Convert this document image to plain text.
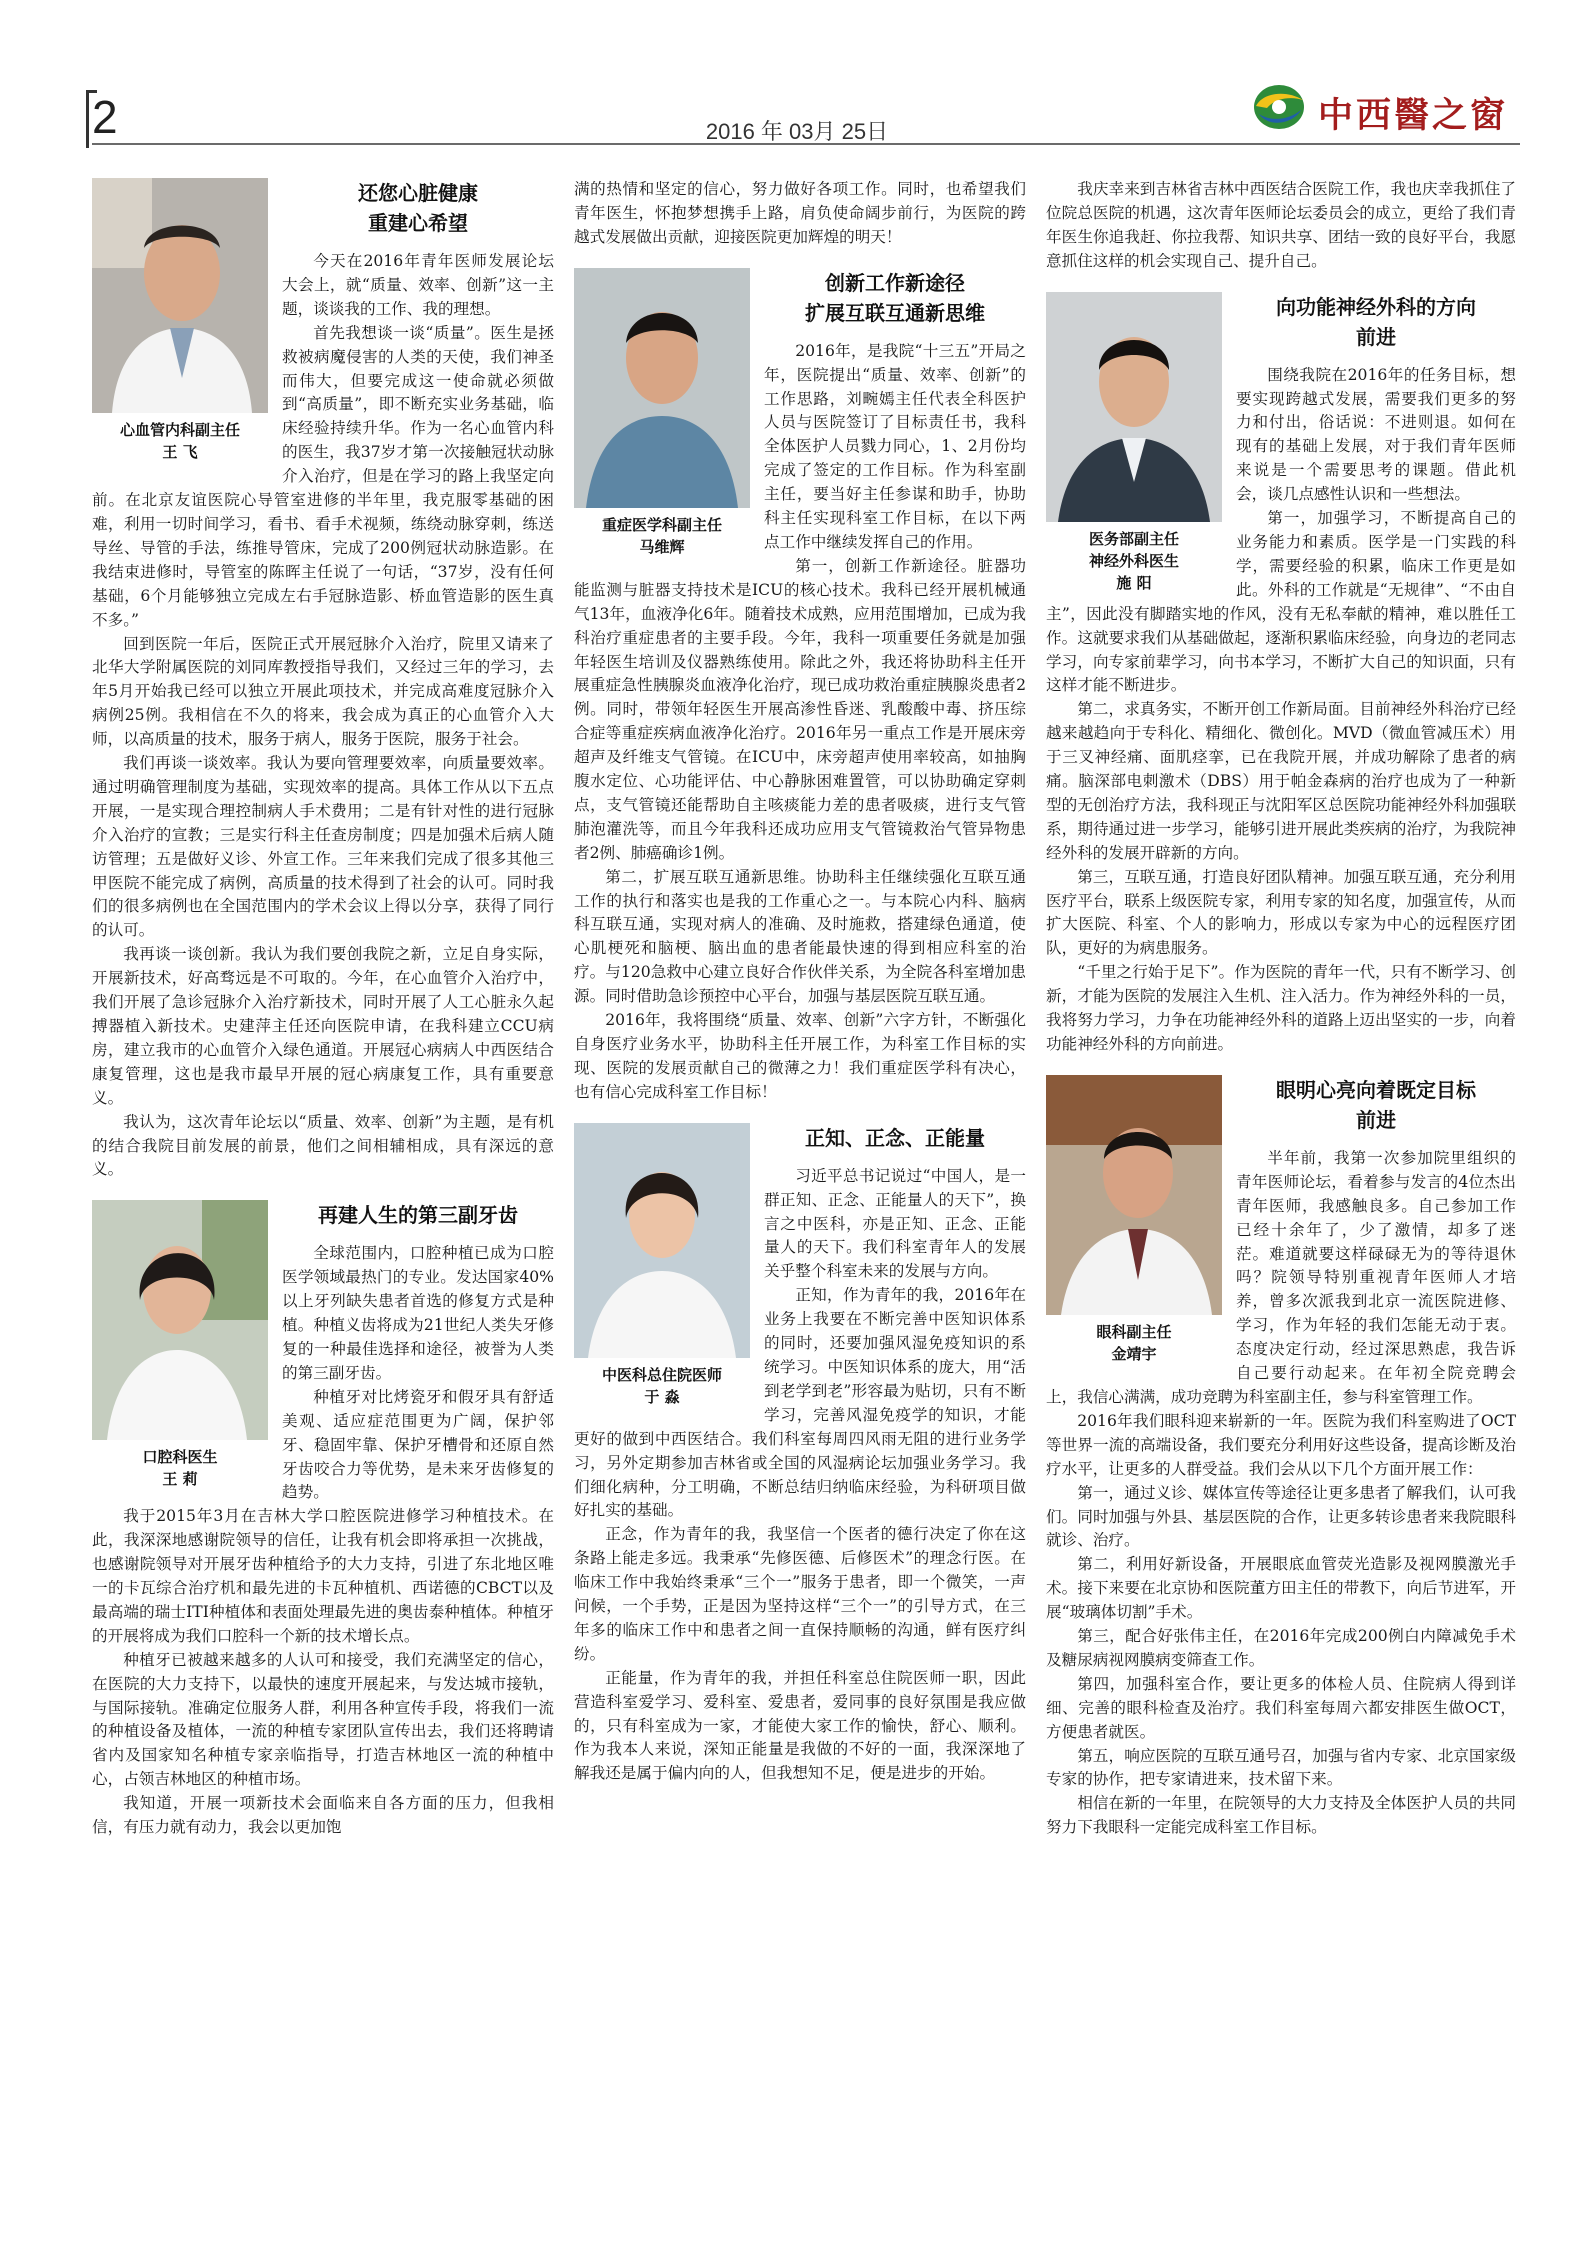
2	2016 年 03月 25日	中西醫之窗
心血管内科副主任
王 飞
还您心脏健康
重建心希望

今天在2016年青年医师发展论坛大会上，就“质量、效率、创新”这一主题，谈谈我的工作、我的理想。

首先我想谈一谈“质量”。医生是拯救被病魔侵害的人类的天使，我们神圣而伟大，但要完成这一使命就必须做到“高质量”，即不断充实业务基础，临床经验持续升华。作为一名心血管内科的医生，我37岁才第一次接触冠状动脉介入治疗，但是在学习的路上我坚定向前。在北京友谊医院心导管室进修的半年里，我克服零基础的困难，利用一切时间学习，看书、看手术视频，练绕动脉穿刺，练送导丝、导管的手法，练推导管床，完成了200例冠状动脉造影。在我结束进修时，导管室的陈晖主任说了一句话，“37岁，没有任何基础，6个月能够独立完成左右手冠脉造影、桥血管造影的医生真不多。”

回到医院一年后，医院正式开展冠脉介入治疗，院里又请来了北华大学附属医院的刘同库教授指导我们，又经过三年的学习，去年5月开始我已经可以独立开展此项技术，并完成高难度冠脉介入病例25例。我相信在不久的将来，我会成为真正的心血管介入大师，以高质量的技术，服务于病人，服务于医院，服务于社会。

我们再谈一谈效率。我认为要向管理要效率，向质量要效率。通过明确管理制度为基础，实现效率的提高。具体工作从以下五点开展，一是实现合理控制病人手术费用；二是有针对性的进行冠脉介入治疗的宣教；三是实行科主任查房制度；四是加强术后病人随访管理；五是做好义诊、外宣工作。三年来我们完成了很多其他三甲医院不能完成了病例，高质量的技术得到了社会的认可。同时我们的很多病例也在全国范围内的学术会议上得以分享，获得了同行的认可。

我再谈一谈创新。我认为我们要创我院之新，立足自身实际，开展新技术，好高骛远是不可取的。今年，在心血管介入治疗中，我们开展了急诊冠脉介入治疗新技术，同时开展了人工心脏永久起搏器植入新技术。史建萍主任还向医院申请，在我科建立CCU病房，建立我市的心血管介入绿色通道。开展冠心病病人中西医结合康复管理，这也是我市最早开展的冠心病康复工作，具有重要意义。

我认为，这次青年论坛以“质量、效率、创新”为主题，是有机的结合我院目前发展的前景，他们之间相辅相成，具有深远的意义。

口腔科医生
王 莉
再建人生的第三副牙齿

全球范围内，口腔种植已成为口腔医学领域最热门的专业。发达国家40%以上牙列缺失患者首选的修复方式是种植。种植义齿将成为21世纪人类失牙修复的一种最佳选择和途径，被誉为人类的第三副牙齿。

种植牙对比烤瓷牙和假牙具有舒适美观、适应症范围更为广阔，保护邻牙、稳固牢靠、保护牙槽骨和还原自然牙齿咬合力等优势，是未来牙齿修复的趋势。

我于2015年3月在吉林大学口腔医院进修学习种植技术。在此，我深深地感谢院领导的信任，让我有机会即将承担一次挑战，也感谢院领导对开展牙齿种植给予的大力支持，引进了东北地区唯一的卡瓦综合治疗机和最先进的卡瓦种植机、西诺德的CBCT以及最高端的瑞士ITI种植体和表面处理最先进的奥齿泰种植体。种植牙的开展将成为我们口腔科一个新的技术增长点。

种植牙已被越来越多的人认可和接受，我们充满坚定的信心，在医院的大力支持下，以最快的速度开展起来，与发达城市接轨，与国际接轨。准确定位服务人群，利用各种宣传手段，将我们一流的种植设备及植体，一流的种植专家团队宣传出去，我们还将聘请省内及国家知名种植专家亲临指导，打造吉林地区一流的种植中心，占领吉林地区的种植市场。

我知道，开展一项新技术会面临来自各方面的压力，但我相信，有压力就有动力，我会以更加饱

满的热情和坚定的信心，努力做好各项工作。同时，也希望我们青年医生，怀抱梦想携手上路，肩负使命阔步前行，为医院的跨越式发展做出贡献，迎接医院更加辉煌的明天！

重症医学科副主任
马维辉
创新工作新途径
扩展互联互通新思维

2016年，是我院“十三五”开局之年，医院提出“质量、效率、创新”的工作思路，刘畹嫣主任代表全科医护人员与医院签订了目标责任书，我科全体医护人员戮力同心，1、2月份均完成了签定的工作目标。作为科室副主任，要当好主任参谋和助手，协助科主任实现科室工作目标，在以下两点工作中继续发挥自己的作用。

第一，创新工作新途径。脏器功能监测与脏器支持技术是ICU的核心技术。我科已经开展机械通气13年，血液净化6年。随着技术成熟，应用范围增加，已成为我科治疗重症患者的主要手段。今年，我科一项重要任务就是加强年轻医生培训及仪器熟练使用。除此之外，我还将协助科主任开展重症急性胰腺炎血液净化治疗，现已成功救治重症胰腺炎患者2例。同时，带领年轻医生开展高渗性昏迷、乳酸酸中毒、挤压综合症等重症疾病血液净化治疗。2016年另一重点工作是开展床旁超声及纤维支气管镜。在ICU中，床旁超声使用率较高，如抽胸腹水定位、心功能评估、中心静脉困难置管，可以协助确定穿刺点，支气管镜还能帮助自主咳痰能力差的患者吸痰，进行支气管肺泡灌洗等，而且今年我科还成功应用支气管镜救治气管异物患者2例、肺癌确诊1例。

第二，扩展互联互通新思维。协助科主任继续强化互联互通工作的执行和落实也是我的工作重心之一。与本院心内科、脑病科互联互通，实现对病人的准确、及时施救，搭建绿色通道，使心肌梗死和脑梗、脑出血的患者能最快速的得到相应科室的治疗。与120急救中心建立良好合作伙伴关系，为全院各科室增加患源。同时借助急诊预控中心平台，加强与基层医院互联互通。

2016年，我将围绕“质量、效率、创新”六字方针，不断强化自身医疗业务水平，协助科主任开展工作，为科室工作目标的实现、医院的发展贡献自己的微薄之力！我们重症医学科有决心，也有信心完成科室工作目标！

中医科总住院医师
于 淼
正知、正念、正能量

习近平总书记说过“中国人，是一群正知、正念、正能量人的天下”，换言之中医科，亦是正知、正念、正能量人的天下。我们科室青年人的发展关乎整个科室未来的发展与方向。

正知，作为青年的我，2016年在业务上我要在不断完善中医知识体系的同时，还要加强风湿免疫知识的系统学习。中医知识体系的庞大，用“活到老学到老”形容最为贴切，只有不断学习，完善风湿免疫学的知识，才能更好的做到中西医结合。我们科室每周四风雨无阻的进行业务学习，另外定期参加吉林省或全国的风湿病论坛加强业务学习。我们细化病种，分工明确，不断总结归纳临床经验，为科研项目做好扎实的基础。

正念，作为青年的我，我坚信一个医者的德行决定了你在这条路上能走多远。我秉承“先修医德、后修医术”的理念行医。在临床工作中我始终秉承“三个一”服务于患者，即一个微笑，一声问候，一个手势，正是因为坚持这样“三个一”的引导方式，在三年多的临床工作中和患者之间一直保持顺畅的沟通，鲜有医疗纠纷。

正能量，作为青年的我，并担任科室总住院医师一职，因此营造科室爱学习、爱科室、爱患者，爱同事的良好氛围是我应做的，只有科室成为一家，才能使大家工作的愉快，舒心、顺利。作为我本人来说，深知正能量是我做的不好的一面，我深深地了解我还是属于偏内向的人，但我想知不足，便是进步的开始。

我庆幸来到吉林省吉林中西医结合医院工作，我也庆幸我抓住了位院总医院的机遇，这次青年医师论坛委员会的成立，更给了我们青年医生你追我赶、你拉我帮、知识共享、团结一致的良好平台，我愿意抓住这样的机会实现自己、提升自己。

医务部副主任
神经外科医生
施 阳
向功能神经外科的方向
前进

围绕我院在2016年的任务目标，想要实现跨越式发展，需要我们更多的努力和付出，俗话说：不进则退。如何在现有的基础上发展，对于我们青年医师来说是一个需要思考的课题。借此机会，谈几点感性认识和一些想法。

第一，加强学习，不断提高自己的业务能力和素质。医学是一门实践的科学，需要经验的积累，临床工作更是如此。外科的工作就是“无规律”、“不由自主”，因此没有脚踏实地的作风，没有无私奉献的精神，难以胜任工作。这就要求我们从基础做起，逐渐积累临床经验，向身边的老同志学习，向专家前辈学习，向书本学习，不断扩大自己的知识面，只有这样才能不断进步。

第二，求真务实，不断开创工作新局面。目前神经外科治疗已经越来越趋向于专科化、精细化、微创化。MVD（微血管减压术）用于三叉神经痛、面肌痉挛，已在我院开展，并成功解除了患者的病痛。脑深部电刺激术（DBS）用于帕金森病的治疗也成为了一种新型的无创治疗方法，我科现正与沈阳军区总医院功能神经外科加强联系，期待通过进一步学习，能够引进开展此类疾病的治疗，为我院神经外科的发展开辟新的方向。

第三，互联互通，打造良好团队精神。加强互联互通，充分利用医疗平台，联系上级医院专家，利用专家的知名度，加强宣传，从而扩大医院、科室、个人的影响力，形成以专家为中心的远程医疗团队，更好的为病患服务。

“千里之行始于足下”。作为医院的青年一代，只有不断学习、创新，才能为医院的发展注入生机、注入活力。作为神经外科的一员，我将努力学习，力争在功能神经外科的道路上迈出坚实的一步，向着功能神经外科的方向前进。

眼科副主任
金靖宇
眼明心亮向着既定目标
前进

半年前，我第一次参加院里组织的青年医师论坛，看着参与发言的4位杰出青年医师，我感触良多。自己参加工作已经十余年了，少了激情，却多了迷茫。难道就要这样碌碌无为的等待退休吗？院领导特别重视青年医师人才培养，曾多次派我到北京一流医院进修、学习，作为年轻的我们怎能无动于衷。态度决定行动，经过深思熟虑，我告诉自己要行动起来。在年初全院竞聘会上，我信心满满，成功竞聘为科室副主任，参与科室管理工作。

2016年我们眼科迎来崭新的一年。医院为我们科室购进了OCT等世界一流的高端设备，我们要充分利用好这些设备，提高诊断及治疗水平，让更多的人群受益。我们会从以下几个方面开展工作：

第一，通过义诊、媒体宣传等途径让更多患者了解我们，认可我们。同时加强与外县、基层医院的合作，让更多转诊患者来我院眼科就诊、治疗。

第二，利用好新设备，开展眼底血管荧光造影及视网膜激光手术。接下来要在北京协和医院董方田主任的带教下，向后节进军，开展“玻璃体切割”手术。

第三，配合好张伟主任，在2016年完成200例白内障减免手术及糖尿病视网膜病变筛查工作。

第四，加强科室合作，要让更多的体检人员、住院病人得到详细、完善的眼科检查及治疗。我们科室每周六都安排医生做OCT，方便患者就医。

第五，响应医院的互联互通号召，加强与省内专家、北京国家级专家的协作，把专家请进来，技术留下来。

相信在新的一年里，在院领导的大力支持及全体医护人员的共同努力下我眼科一定能完成科室工作目标。
